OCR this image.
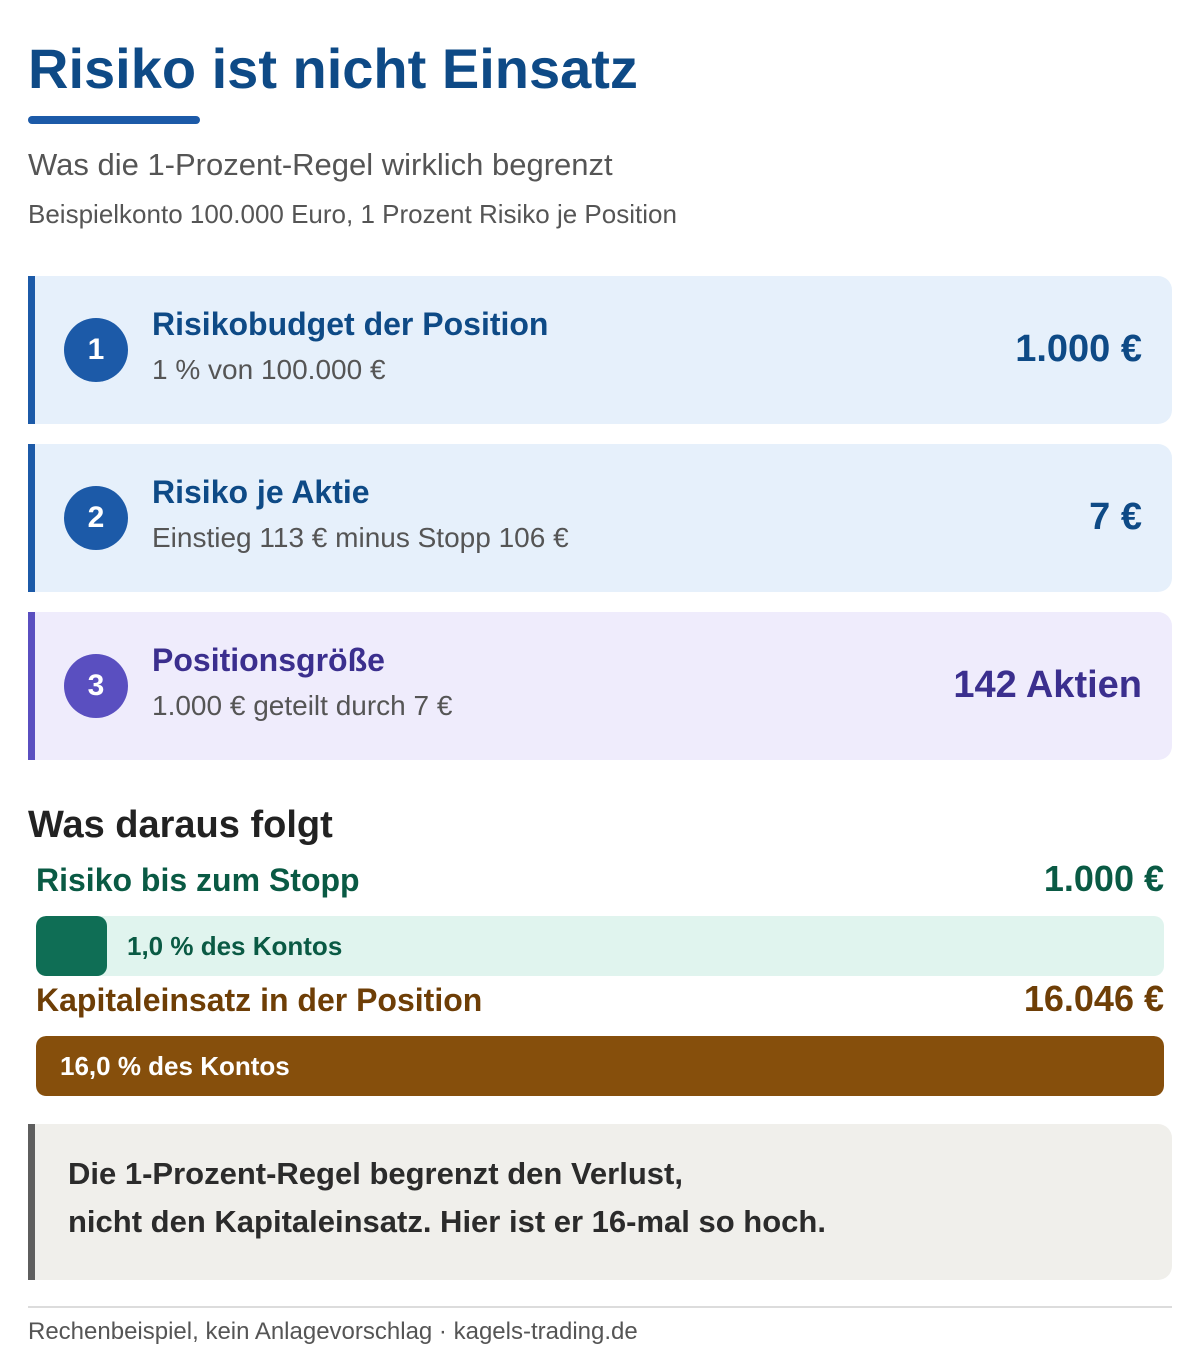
Risiko ist nicht Einsatz
Was die 1-Prozent-Regel wirklich begrenzt
Beispielkonto 100.000 Euro, 1 Prozent Risiko je Position
1
Risikobudget der Position
1 % von 100.000 €	1.000 €
2
Risiko je Aktie
Einstieg 113 € minus Stopp 106 €	7 €
3
Positionsgröße
1.000 € geteilt durch 7 €	142 Aktien
Was daraus folgt
Risiko bis zum Stopp	1.000 €
1,0 % des Kontos
Kapitaleinsatz in der Position	16.046 €
16,0 % des Kontos
Die 1-Prozent-Regel begrenzt den Verlust,
nicht den Kapitaleinsatz. Hier ist er 16-mal so hoch.
Rechenbeispiel, kein Anlagevorschlag · kagels-trading.de
